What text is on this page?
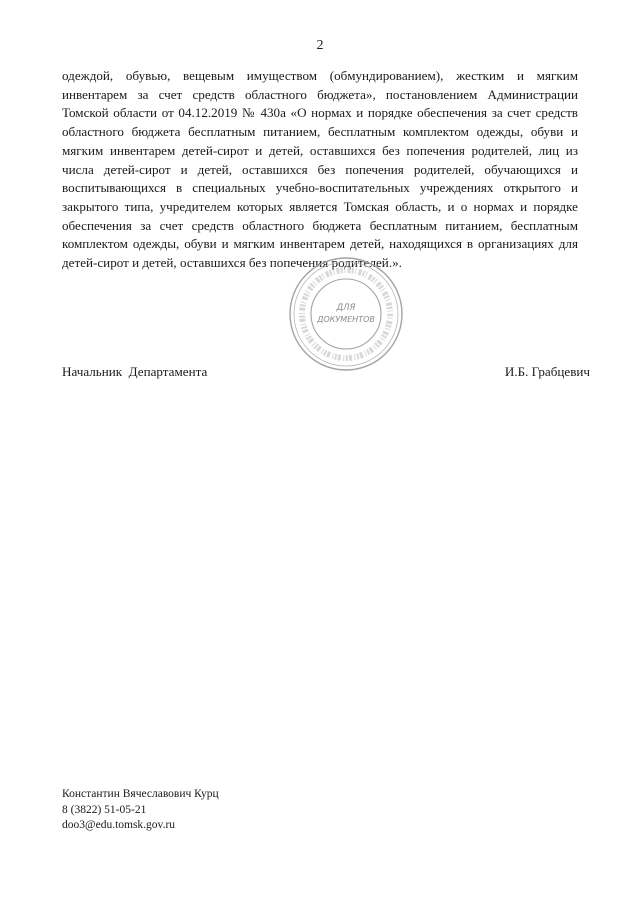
2

одеждой, обувью, вещевым имуществом (обмундированием), жестким и мягким инвентарем за счет средств областного бюджета», постановлением Администрации Томской области от 04.12.2019 № 430а «О нормах и порядке обеспечения за счет средств областного бюджета бесплатным питанием, бесплатным комплектом одежды, обуви и мягким инвентарем детей-сирот и детей, оставшихся без попечения родителей, лиц из числа детей-сирот и детей, оставшихся без попечения родителей, обучающихся и воспитывающихся в специальных учебно-воспитательных учреждениях открытого и закрытого типа, учредителем которых является Томская область, и о нормах и порядке обеспечения за счет средств областного бюджета бесплатным питанием, бесплатным комплектом одежды, обуви и мягким инвентарем детей, находящихся в организациях для детей-сирот и детей, оставшихся без попечения родителей.».

ДЛЯ
ДОКУМЕНТОВ
Начальник  Департамента	И.Б. Грабцевич
Константин Вячеславович Курц
8 (3822) 51-05-21
doo3@edu.tomsk.gov.ru
